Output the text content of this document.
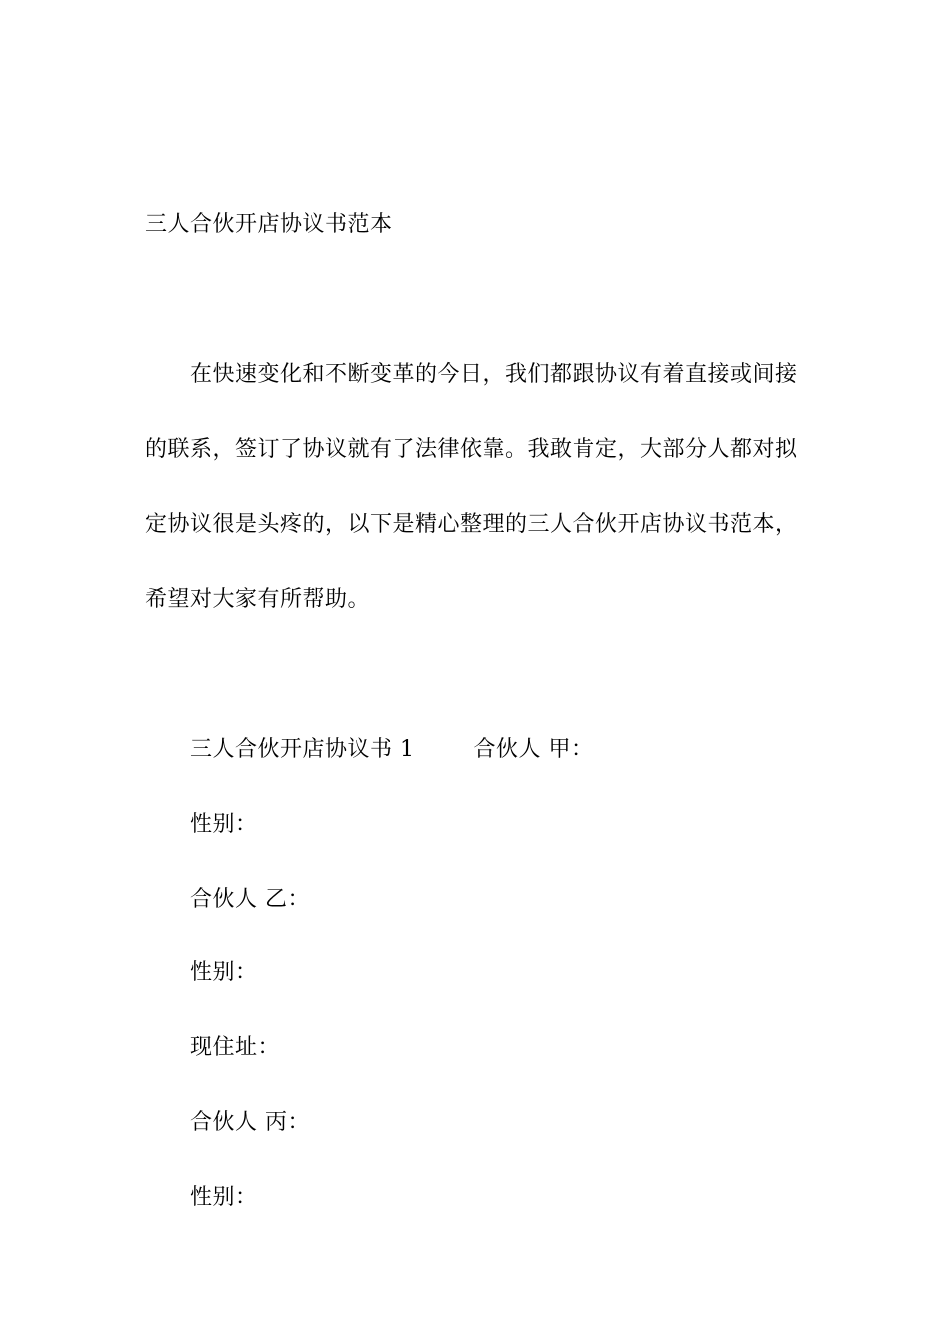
三人合伙开店协议书范本
在快速变化和不断变革的今日，我们都跟协议有着直接或间接
的联系，签订了协议就有了法律依靠。我敢肯定，大部分人都对拟
定协议很是头疼的，以下是精心整理的三人合伙开店协议书范本，
希望对大家有所帮助。
三人合伙开店协议书 1	合伙人 甲：
性别：
合伙人 乙：
性别：
现住址：
合伙人 丙：
性别：
